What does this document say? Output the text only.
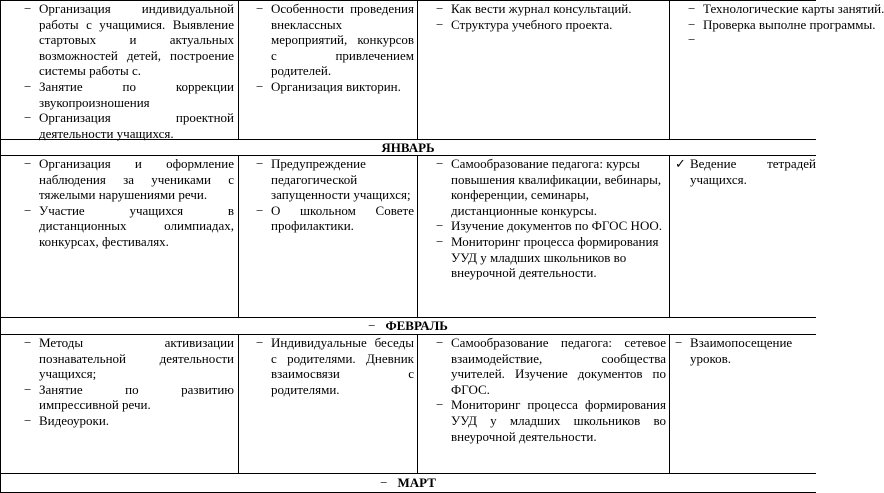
− Организация индивидуальной работы с учащимися. Выявление стартовых и актуальных возможностей детей, построение системы работы с.
− Занятие по коррекции звукопроизношения
− Организация проектной деятельности учащихся.
− Особенности проведения внеклассных мероприятий, конкурсов с привлечением родителей.
− Организация викторин.
− Как вести журнал консультаций.
− Структура учебного проекта.
− Технологические карты занятий.
− Проверка выполне программы.
−
ЯНВАРЬ
− Организация и оформление наблюдения за учениками с тяжелыми нарушениями речи.
− Участие учащихся в дистанционных олимпиадах, конкурсах, фестивалях.
− Предупреждение педагогической запущенности учащихся;
− О школьном Совете профилактики.
− Самообразование педагога: курсы повышения квалификации, вебинары, конференции, семинары, дистанционные конкурсы.
− Изучение документов по ФГОС НОО.
− Мониторинг процесса формирования УУД у младших школьников во внеурочной деятельности.
✓ Ведение тетрадей учащихся.
− ФЕВРАЛЬ
− Методы активизации познавательной деятельности учащихся;
− Занятие по развитию импрессивной речи.
− Видеоуроки.
− Индивидуальные беседы с родителями. Дневник взаимосвязи с родителями.
− Самообразование педагога: сетевое взаимодействие, сообщества учителей. Изучение документов по ФГОС.
− Мониторинг процесса формирования УУД у младших школьников во внеурочной деятельности.
− Взаимопосещение уроков.
− МАРТ
